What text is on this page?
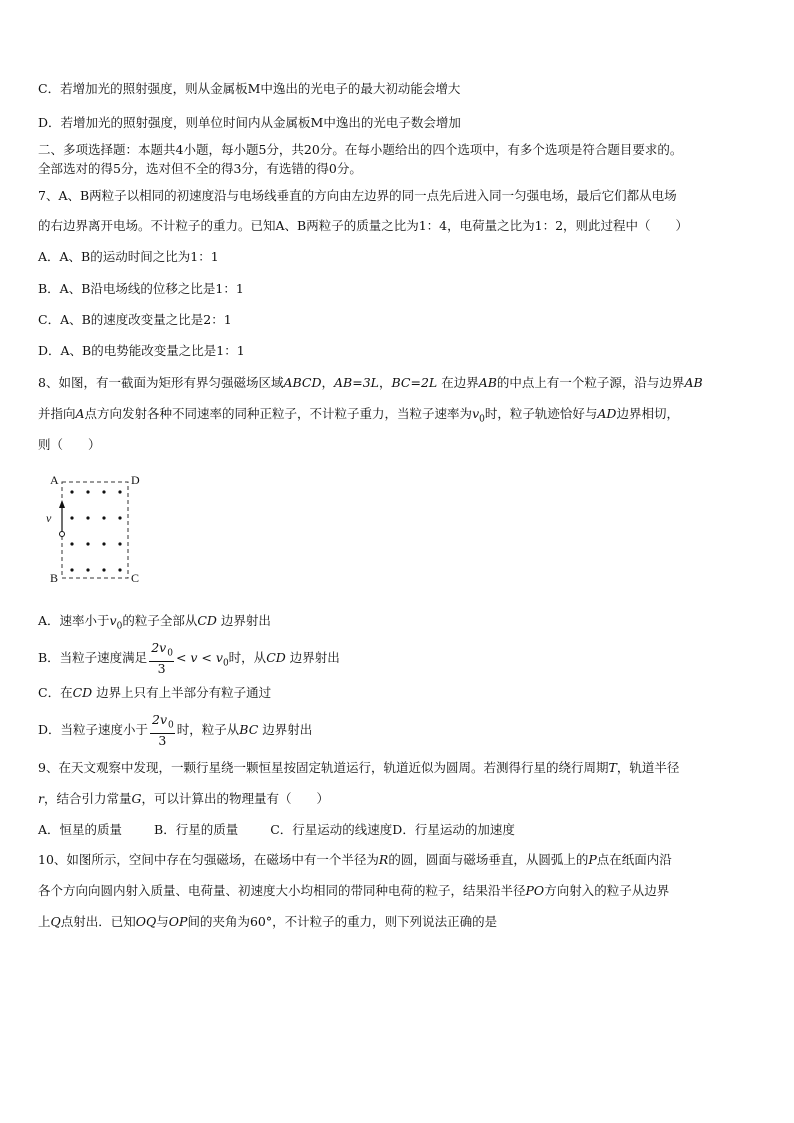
C．若增加光的照射强度，则从金属板M中逸出的光电子的最大初动能会增大
D．若增加光的照射强度，则单位时间内从金属板M中逸出的光电子数会增加
二、多项选择题：本题共4小题，每小题5分，共20分。在每小题给出的四个选项中，有多个选项是符合题目要求的。
全部选对的得5分，选对但不全的得3分，有选错的得0分。
7、A、B两粒子以相同的初速度沿与电场线垂直的方向由左边界的同一点先后进入同一匀强电场，最后它们都从电场
的右边界离开电场。不计粒子的重力。已知A、B两粒子的质量之比为1：4，电荷量之比为1：2，则此过程中（　　）
A．A、B的运动时间之比为1：1
B．A、B沿电场线的位移之比是1：1
C．A、B的速度改变量之比是2：1
D．A、B的电势能改变量之比是1：1
8、如图，有一截面为矩形有界匀强磁场区域ABCD，AB=3L，BC=2L 在边界AB的中点上有一个粒子源，沿与边界AB
并指向A点方向发射各种不同速率的同种正粒子，不计粒子重力，当粒子速率为$v_0$时，粒子轨迹恰好与AD边界相切，
则（　　）
A	D
B	C
v
A．速率小于$v_0$的粒子全部从CD 边界射出
B．当粒子速度满足 $\frac{2v_0}{3} < v < v_0$时，从CD 边界射出
C．在CD 边界上只有上半部分有粒子通过
D．当粒子速度小于 $\frac{2v_0}{3}$ 时，粒子从BC 边界射出
9、在天文观察中发现，一颗行星绕一颗恒星按固定轨道运行，轨道近似为圆周。若测得行星的绕行周期T，轨道半径
r，结合引力常量G，可以计算出的物理量有（　　）
A．恒星的质量	B．行星的质量	C．行星运动的线速度D．行星运动的加速度
10、如图所示，空间中存在匀强磁场，在磁场中有一个半径为R的圆，圆面与磁场垂直，从圆弧上的P点在纸面内沿
各个方向向圆内射入质量、电荷量、初速度大小均相同的带同种电荷的粒子，结果沿半径PO方向射入的粒子从边界
上Q点射出．已知OQ与OP间的夹角为60°，不计粒子的重力，则下列说法正确的是
